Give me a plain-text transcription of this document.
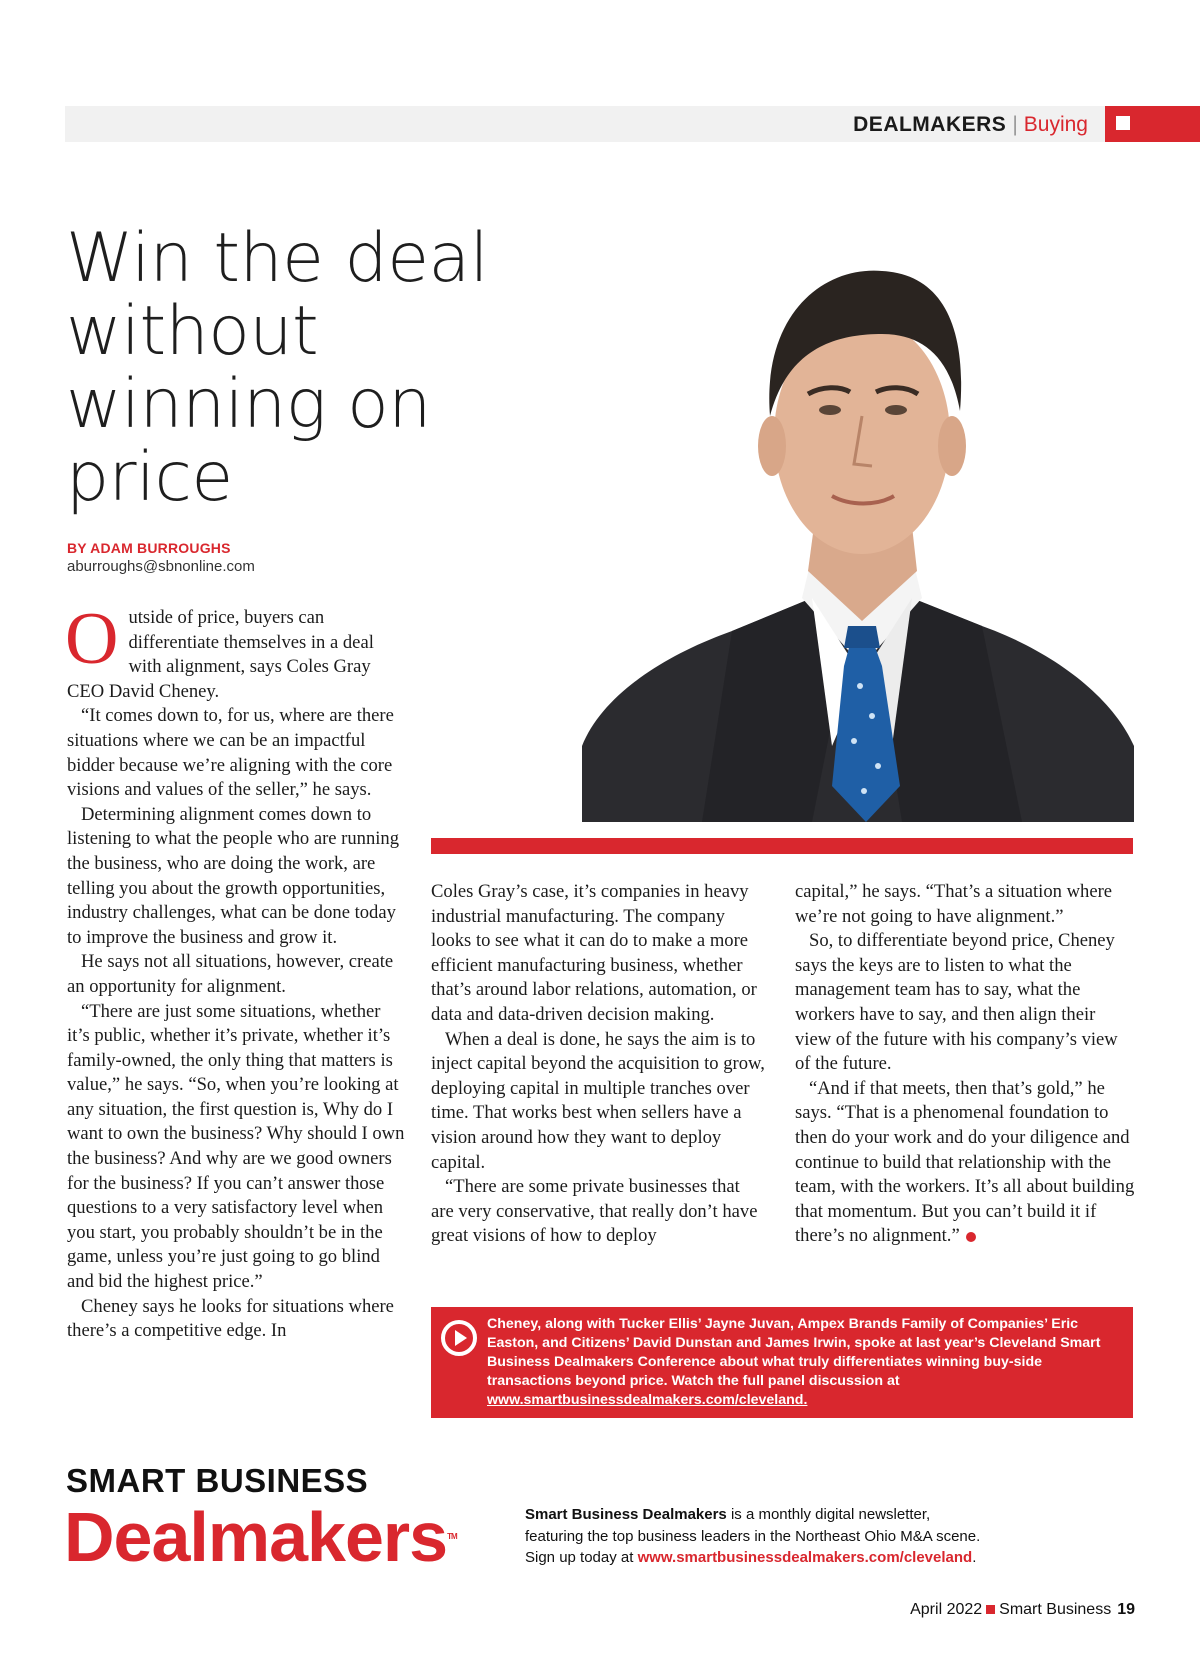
DEALMAKERS | Buying
Win the deal without winning on price
BY ADAM BURROUGHS
aburroughs@sbnonline.com

Outside of price, buyers can differentiate themselves in a deal with alignment, says Coles Gray CEO David Cheney.

“It comes down to, for us, where are there situations where we can be an impactful bidder because we’re aligning with the core visions and values of the seller,” he says.

Determining alignment comes down to listening to what the people who are running the business, who are doing the work, are telling you about the growth opportunities, industry challenges, what can be done today to improve the business and grow it.

He says not all situations, however, create an opportunity for alignment.

“There are just some situations, whether it’s public, whether it’s private, whether it’s family-owned, the only thing that matters is value,” he says. “So, when you’re looking at any situation, the first question is, Why do I want to own the business? Why should I own the business? And why are we good owners for the business? If you can’t answer those questions to a very satisfactory level when you start, you probably shouldn’t be in the game, unless you’re just going to go blind and bid the highest price.”

Cheney says he looks for situations where there’s a competitive edge. In

Coles Gray’s case, it’s companies in heavy industrial manufacturing. The company looks to see what it can do to make a more efficient manufacturing business, whether that’s around labor relations, automation, or data and data-driven decision making.

When a deal is done, he says the aim is to inject capital beyond the acquisition to grow, deploying capital in multiple tranches over time. That works best when sellers have a vision around how they want to deploy capital.

“There are some private businesses that are very conservative, that really don’t have great visions of how to deploy

capital,” he says. “That’s a situation where we’re not going to have alignment.”

So, to differentiate beyond price, Cheney says the keys are to listen to what the management team has to say, what the workers have to say, and then align their view of the future with his company’s view of the future.

“And if that meets, then that’s gold,” he says. “That is a phenomenal foundation to then do your work and do your diligence and continue to build that relationship with the team, with the workers. It’s all about building that momentum. But you can’t build it if there’s no alignment.”

Cheney, along with Tucker Ellis’ Jayne Juvan, Ampex Brands Family of Companies’ Eric Easton, and Citizens’ David Dunstan and James Irwin, spoke at last year’s Cleveland Smart Business Dealmakers Conference about what truly differentiates winning buy-side transactions beyond price. Watch the full panel discussion at www.smartbusinessdealmakers.com/cleveland.
SMART BUSINESS
Dealmakers™
Smart Business Dealmakers is a monthly digital newsletter,
featuring the top business leaders in the Northeast Ohio M&A scene.
Sign up today at www.smartbusinessdealmakers.com/cleveland.
April 2022 Smart Business 19
